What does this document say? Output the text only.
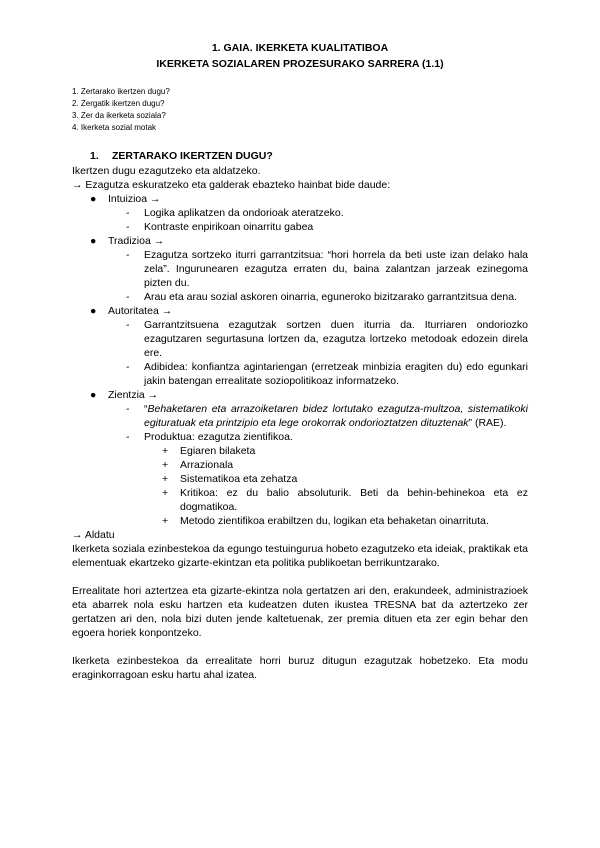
1. GAIA. IKERKETA KUALITATIBOA
IKERKETA SOZIALAREN PROZESURAKO SARRERA (1.1)
1. Zertarako ikertzen dugu?
2. Zergatik ikertzen dugu?
3. Zer da ikerketa soziala?
4. Ikerketa sozial motak
1. ZERTARAKO IKERTZEN DUGU?

Ikertzen dugu ezagutzeko eta aldatzeko.

→ Ezagutza eskuratzeko eta galderak ebazteko hainbat bide daude:

● Intuizioa →
- Logika aplikatzen da ondorioak ateratzeko.
- Kontraste enpirikoan oinarritu gabea
● Tradizioa →
- Ezagutza sortzeko iturri garrantzitsua: “hori horrela da beti uste izan delako hala zela”. Ingurunearen ezagutza erraten du, baina zalantzan jarzeak ezinegoma pizten du.
- Arau eta arau sozial askoren oinarria, eguneroko bizitzarako garrantzitsua dena.
● Autoritatea →
- Garrantzitsuena ezagutzak sortzen duen iturria da. Iturriaren ondoriozko ezagutzaren segurtasuna lortzen da, ezagutza lortzeko metodoak edozein direla ere.
- Adibidea: konfiantza agintariengan (erretzeak minbizia eragiten du) edo egunkari jakin batengan errealitate soziopolitikoaz informatzeko.
● Zientzia →
- “Behaketaren eta arrazoiketaren bidez lortutako ezagutza-multzoa, sistematikoki egituratuak eta printzipio eta lege orokorrak ondorioztatzen dituztenak” (RAE).
- Produktua: ezagutza zientifikoa.
+ Egiaren bilaketa
+ Arrazionala
+ Sistematikoa eta zehatza
+ Kritikoa: ez du balio absoluturik. Beti da behin-behinekoa eta ez dogmatikoa.
+ Metodo zientifikoa erabiltzen du, logikan eta behaketan oinarrituta.

→ Aldatu

Ikerketa soziala ezinbestekoa da egungo testuingurua hobeto ezagutzeko eta ideiak, praktikak eta elementuak ekartzeko gizarte-ekintzan eta politika publikoetan berrikuntzarako.

Errealitate hori aztertzea eta gizarte-ekintza nola gertatzen ari den, erakundeek, administrazioek eta abarrek nola esku hartzen eta kudeatzen duten ikustea TRESNA bat da aztertzeko zer gertatzen ari den, nola bizi duten jende kaltetuenak, zer premia dituen eta zer egin behar den egoera horiek konpontzeko.

Ikerketa ezinbestekoa da errealitate horri buruz ditugun ezagutzak hobetzeko. Eta modu eraginkorragoan esku hartu ahal izatea.
